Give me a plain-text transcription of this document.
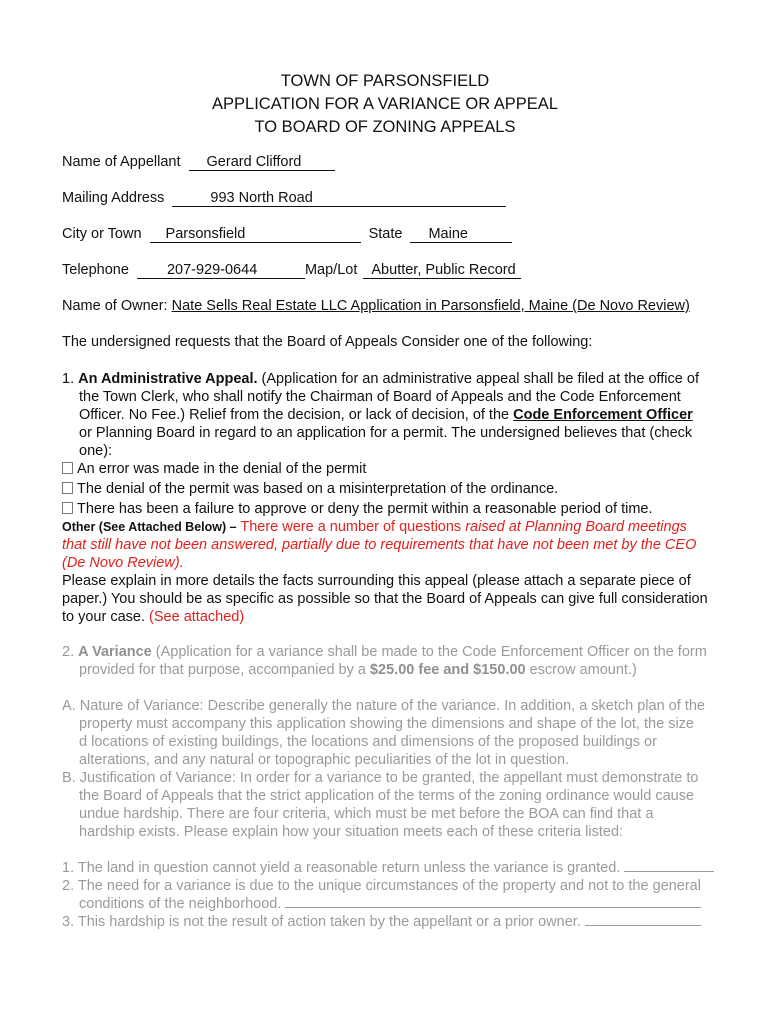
TOWN OF PARSONSFIELD
APPLICATION FOR A VARIANCE OR APPEAL
TO BOARD OF ZONING APPEALS
Name of Appellant Gerard Clifford
Mailing Address	993 North Road
City or Town Parsonsfield	State Maine
Telephone	207-929-0644	Map/Lot Abutter, Public Record
Name of Owner: Nate Sells Real Estate LLC Application in Parsonsfield, Maine (De Novo Review)
The undersigned requests that the Board of Appeals Consider one of the following:
1. An Administrative Appeal. (Application for an administrative appeal shall be filed at the office of
the Town Clerk, who shall notify the Chairman of Board of Appeals and the Code Enforcement
Officer. No Fee.) Relief from the decision, or lack of decision, of the Code Enforcement Officer
or Planning Board in regard to an application for a permit. The undersigned believes that (check
one):
An error was made in the denial of the permit
The denial of the permit was based on a misinterpretation of the ordinance.
There has been a failure to approve or deny the permit within a reasonable period of time.
Other (See Attached Below) – There were a number of questions raised at Planning Board meetings
that still have not been answered, partially due to requirements that have not been met by the CEO
(De Novo Review).
Please explain in more details the facts surrounding this appeal (please attach a separate piece of
paper.) You should be as specific as possible so that the Board of Appeals can give full consideration
to your case. (See attached)
2. A Variance (Application for a variance shall be made to the Code Enforcement Officer on the form
provided for that purpose, accompanied by a $25.00 fee and $150.00 escrow amount.)
A. Nature of Variance: Describe generally the nature of the variance. In addition, a sketch plan of the
property must accompany this application showing the dimensions and shape of the lot, the size
d locations of existing buildings, the locations and dimensions of the proposed buildings or
alterations, and any natural or topographic peculiarities of the lot in question.
B. Justification of Variance: In order for a variance to be granted, the appellant must demonstrate to
the Board of Appeals that the strict application of the terms of the zoning ordinance would cause
undue hardship. There are four criteria, which must be met before the BOA can find that a
hardship exists. Please explain how your situation meets each of these criteria listed:
1. The land in question cannot yield a reasonable return unless the variance is granted.
2. The need for a variance is due to the unique circumstances of the property and not to the general
conditions of the neighborhood.
3. This hardship is not the result of action taken by the appellant or a prior owner.
